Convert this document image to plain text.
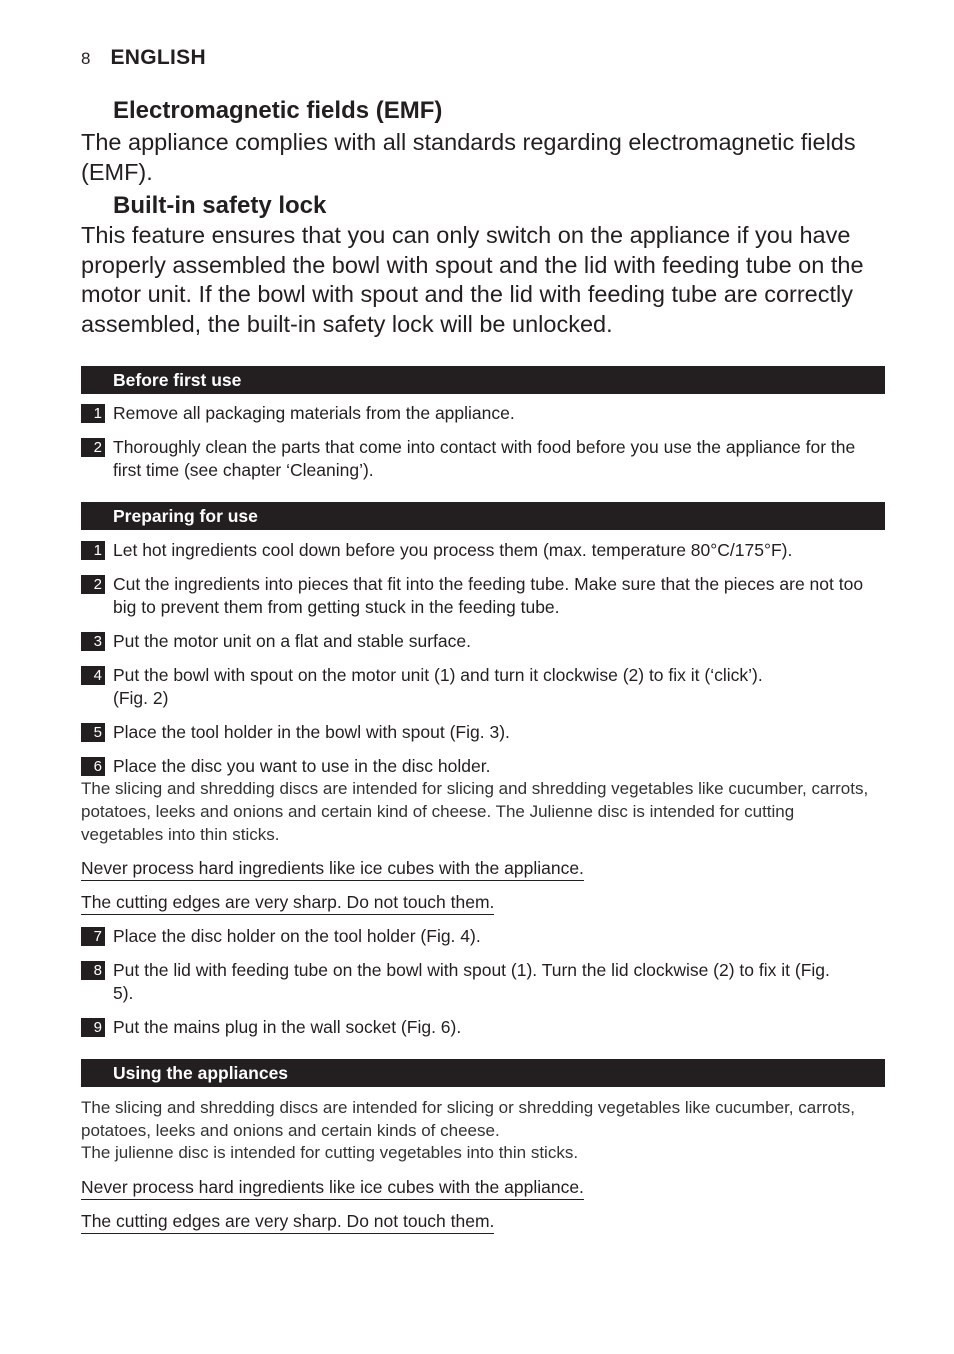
8 ENGLISH
Electromagnetic fields (EMF)
The appliance complies with all standards regarding electromagnetic fields (EMF).
Built-in safety lock
This feature ensures that you can only switch on the appliance if you have properly assembled the bowl with spout and the lid with feeding tube on the motor unit. If the bowl with spout and the lid with feeding tube are correctly assembled, the built-in safety lock will be unlocked.
Before first use
1 Remove all packaging materials from the appliance.
2 Thoroughly clean the parts that come into contact with food before you use the appliance for the first time (see chapter ‘Cleaning’).
Preparing for use
1 Let hot ingredients cool down before you process them (max. temperature 80°C/175°F).
2 Cut the ingredients into pieces that fit into the feeding tube. Make sure that the pieces are not too big to prevent them from getting stuck in the feeding tube.
3 Put the motor unit on a flat and stable surface.
4 Put the bowl with spout on the motor unit (1) and turn it clockwise (2) to fix it (‘click’). (Fig. 2)
5 Place the tool holder in the bowl with spout (Fig. 3).
6 Place the disc you want to use in the disc holder.
The slicing and shredding discs are intended for slicing and shredding vegetables like cucumber, carrots, potatoes, leeks and onions and certain kind of cheese. The Julienne disc is intended for cutting vegetables into thin sticks.
Never process hard ingredients like ice cubes with the appliance.
The cutting edges are very sharp. Do not touch them.
7 Place the disc holder on the tool holder (Fig. 4).
8 Put the lid with feeding tube on the bowl with spout (1). Turn the lid clockwise (2) to fix it (Fig. 5).
9 Put the mains plug in the wall socket (Fig. 6).
Using the appliances
The slicing and shredding discs are intended for slicing or shredding vegetables like cucumber, carrots, potatoes, leeks and onions and certain kinds of cheese.
The julienne disc is intended for cutting vegetables into thin sticks.
Never process hard ingredients like ice cubes with the appliance.
The cutting edges are very sharp. Do not touch them.
